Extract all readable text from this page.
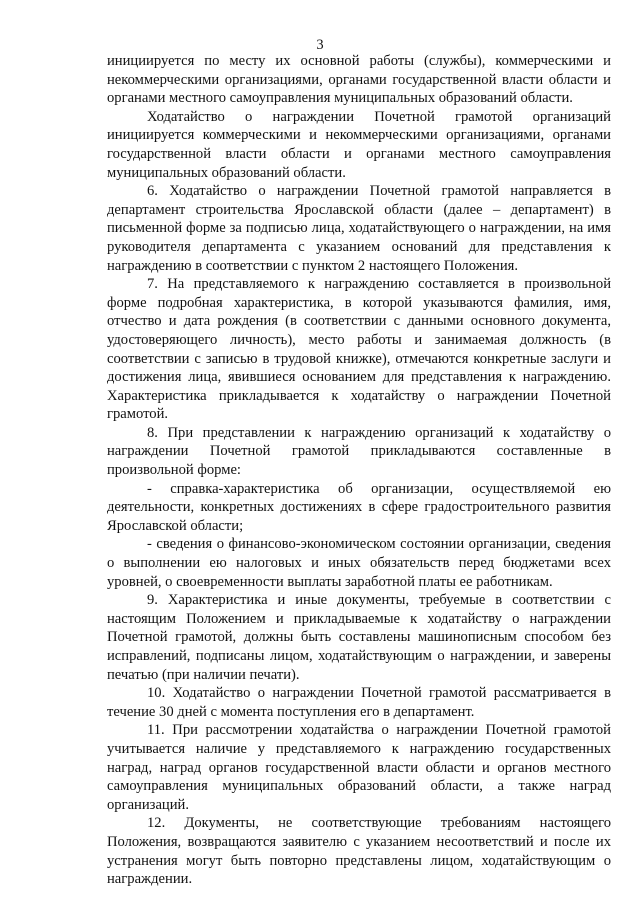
3

инициируется по месту их основной работы (службы), коммерческими и некоммерческими организациями, органами государственной власти области и органами местного самоуправления муниципальных образований области.

Ходатайство о награждении Почетной грамотой организаций инициируется коммерческими и некоммерческими организациями, органами государственной власти области и органами местного самоуправления муниципальных образований области.

6. Ходатайство о награждении Почетной грамотой направляется в департамент строительства Ярославской области (далее – департамент) в письменной форме за подписью лица, ходатайствующего о награждении, на имя руководителя департамента с указанием оснований для представления к награждению в соответствии с пунктом 2 настоящего Положения.

7. На представляемого к награждению составляется в произвольной форме подробная характеристика, в которой указываются фамилия, имя, отчество и дата рождения (в соответствии с данными основного документа, удостоверяющего личность), место работы и занимаемая должность (в соответствии с записью в трудовой книжке), отмечаются конкретные заслуги и достижения лица, явившиеся основанием для представления к награждению. Характеристика прикладывается к ходатайству о награждении Почетной грамотой.

8. При представлении к награждению организаций к ходатайству о награждении Почетной грамотой прикладываются составленные в произвольной форме:

- справка-характеристика об организации, осуществляемой ею деятельности, конкретных достижениях в сфере градостроительного развития Ярославской области;

- сведения о финансово-экономическом состоянии организации, сведения о выполнении ею налоговых и иных обязательств перед бюджетами всех уровней, о своевременности выплаты заработной платы ее работникам.

9. Характеристика и иные документы, требуемые в соответствии с настоящим Положением и прикладываемые к ходатайству о награждении Почетной грамотой, должны быть составлены машинописным способом без исправлений, подписаны лицом, ходатайствующим о награждении, и заверены печатью (при наличии печати).

10. Ходатайство о награждении Почетной грамотой рассматривается в течение 30 дней с момента поступления его в департамент.

11. При рассмотрении ходатайства о награждении Почетной грамотой учитывается наличие у представляемого к награждению государственных наград, наград органов государственной власти области и органов местного самоуправления муниципальных образований области, а также наград организаций.

12. Документы, не соответствующие требованиям настоящего Положения, возвращаются заявителю с указанием несоответствий и после их устранения могут быть повторно представлены лицом, ходатайствующим о награждении.
